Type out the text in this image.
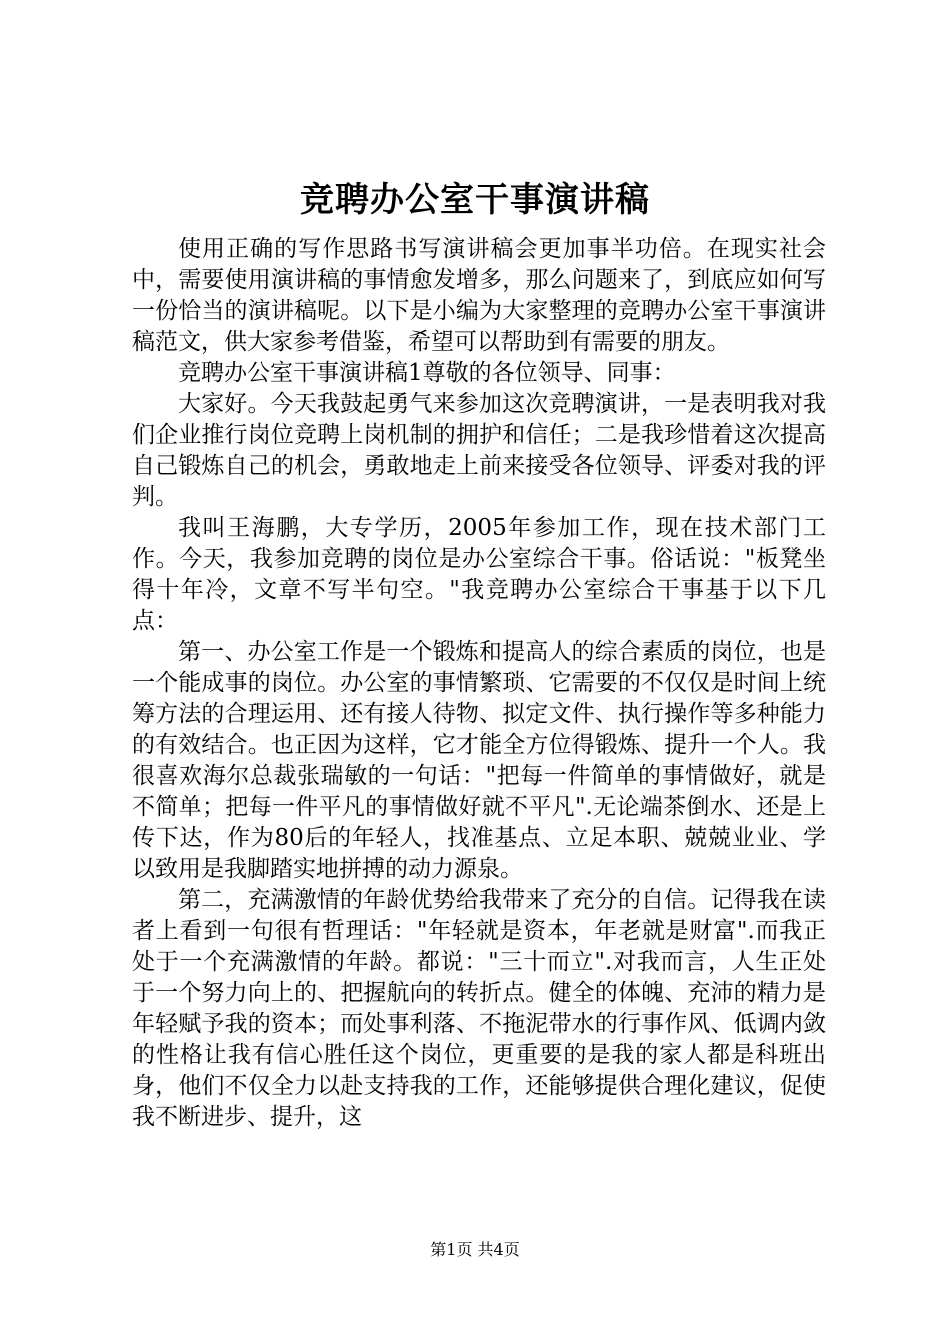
竞聘办公室干事演讲稿

使用正确的写作思路书写演讲稿会更加事半功倍。在现实社会中，需要使用演讲稿的事情愈发增多，那么问题来了，到底应如何写一份恰当的演讲稿呢。以下是小编为大家整理的竞聘办公室干事演讲稿范文，供大家参考借鉴，希望可以帮助到有需要的朋友。

竞聘办公室干事演讲稿1尊敬的各位领导、同事：

大家好。今天我鼓起勇气来参加这次竞聘演讲，一是表明我对我们企业推行岗位竞聘上岗机制的拥护和信任；二是我珍惜着这次提高自己锻炼自己的机会，勇敢地走上前来接受各位领导、评委对我的评判。

我叫王海鹏，大专学历，2005年参加工作，现在技术部门工作。今天，我参加竞聘的岗位是办公室综合干事。俗话说："板凳坐得十年冷，文章不写半句空。"我竞聘办公室综合干事基于以下几点：

第一、办公室工作是一个锻炼和提高人的综合素质的岗位，也是一个能成事的岗位。办公室的事情繁琐、它需要的不仅仅是时间上统筹方法的合理运用、还有接人待物、拟定文件、执行操作等多种能力的有效结合。也正因为这样，它才能全方位得锻炼、提升一个人。我很喜欢海尔总裁张瑞敏的一句话："把每一件简单的事情做好，就是不简单；把每一件平凡的事情做好就不平凡".无论端茶倒水、还是上传下达，作为80后的年轻人，找准基点、立足本职、兢兢业业、学以致用是我脚踏实地拼搏的动力源泉。

第二，充满激情的年龄优势给我带来了充分的自信。记得我在读者上看到一句很有哲理话："年轻就是资本，年老就是财富".而我正处于一个充满激情的年龄。都说："三十而立".对我而言，人生正处于一个努力向上的、把握航向的转折点。健全的体魄、充沛的精力是年轻赋予我的资本；而处事利落、不拖泥带水的行事作风、低调内敛的性格让我有信心胜任这个岗位，更重要的是我的家人都是科班出身，他们不仅全力以赴支持我的工作，还能够提供合理化建议，促使我不断进步、提升，这

第1页 共4页
